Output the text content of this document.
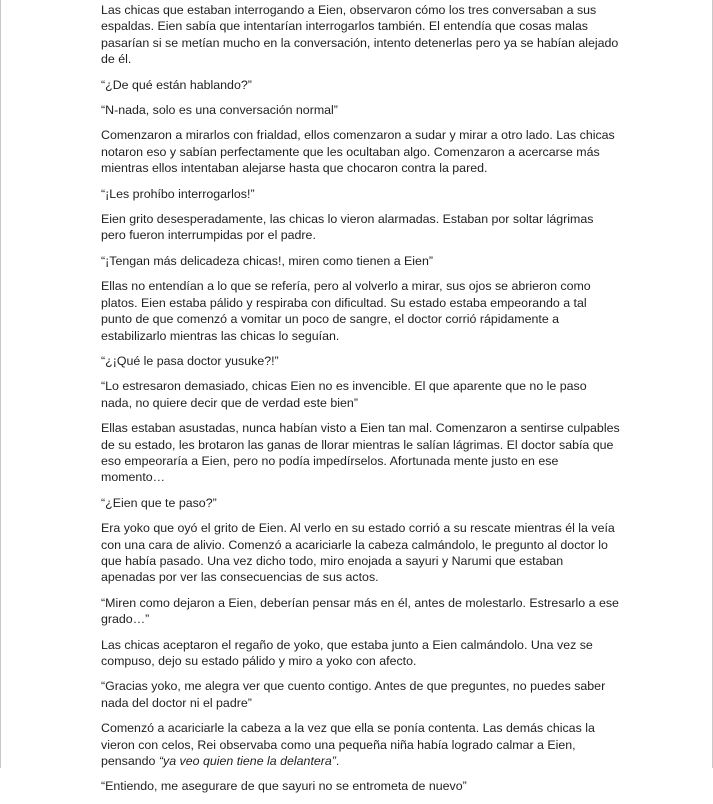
Las chicas que estaban interrogando a Eien, observaron cómo los tres conversaban a sus espaldas. Eien sabía que intentarían interrogarlos también. El entendía que cosas malas pasarían si se metían mucho en la conversación, intento detenerlas pero ya se habían alejado de él.

“¿De qué están hablando?”

“N-nada, solo es una conversación normal”

Comenzaron a mirarlos con frialdad, ellos comenzaron a sudar y mirar a otro lado. Las chicas notaron eso y sabían perfectamente que les ocultaban algo. Comenzaron a acercarse más mientras ellos intentaban alejarse hasta que chocaron contra la pared.

“¡Les prohíbo interrogarlos!”

Eien grito desesperadamente, las chicas lo vieron alarmadas. Estaban por soltar lágrimas pero fueron interrumpidas por el padre.

“¡Tengan más delicadeza chicas!, miren como tienen a Eien”

Ellas no entendían a lo que se refería, pero al volverlo a mirar, sus ojos se abrieron como platos. Eien estaba pálido y respiraba con dificultad. Su estado estaba empeorando a tal punto de que comenzó a vomitar un poco de sangre, el doctor corrió rápidamente a estabilizarlo mientras las chicas lo seguían.

“¿¡Qué le pasa doctor yusuke?!”

“Lo estresaron demasiado, chicas Eien no es invencible. El que aparente que no le paso nada, no quiere decir que de verdad este bien”

Ellas estaban asustadas, nunca habían visto a Eien tan mal. Comenzaron a sentirse culpables de su estado, les brotaron las ganas de llorar mientras le salían lágrimas. El doctor sabía que eso empeoraría a Eien, pero no podía impedírselos. Afortunada mente justo en ese momento…

“¿Eien que te paso?”

Era yoko que oyó el grito de Eien. Al verlo en su estado corrió a su rescate mientras él la veía con una cara de alivio. Comenzó a acariciarle la cabeza calmándolo, le pregunto al doctor lo que había pasado. Una vez dicho todo, miro enojada a sayuri y Narumi que estaban apenadas por ver las consecuencias de sus actos.

“Miren como dejaron a Eien, deberían pensar más en él, antes de molestarlo. Estresarlo a ese grado…”

Las chicas aceptaron el regaño de yoko, que estaba junto a Eien calmándolo. Una vez se compuso, dejo su estado pálido y miro a yoko con afecto.

“Gracias yoko, me alegra ver que cuento contigo. Antes de que preguntes, no puedes saber nada del doctor ni el padre”

Comenzó a acariciarle la cabeza a la vez que ella se ponía contenta. Las demás chicas la vieron con celos, Rei observaba como una pequeña niña había logrado calmar a Eien, pensando “ya veo quien tiene la delantera”.

“Entiendo, me asegurare de que sayuri no se entrometa de nuevo”
